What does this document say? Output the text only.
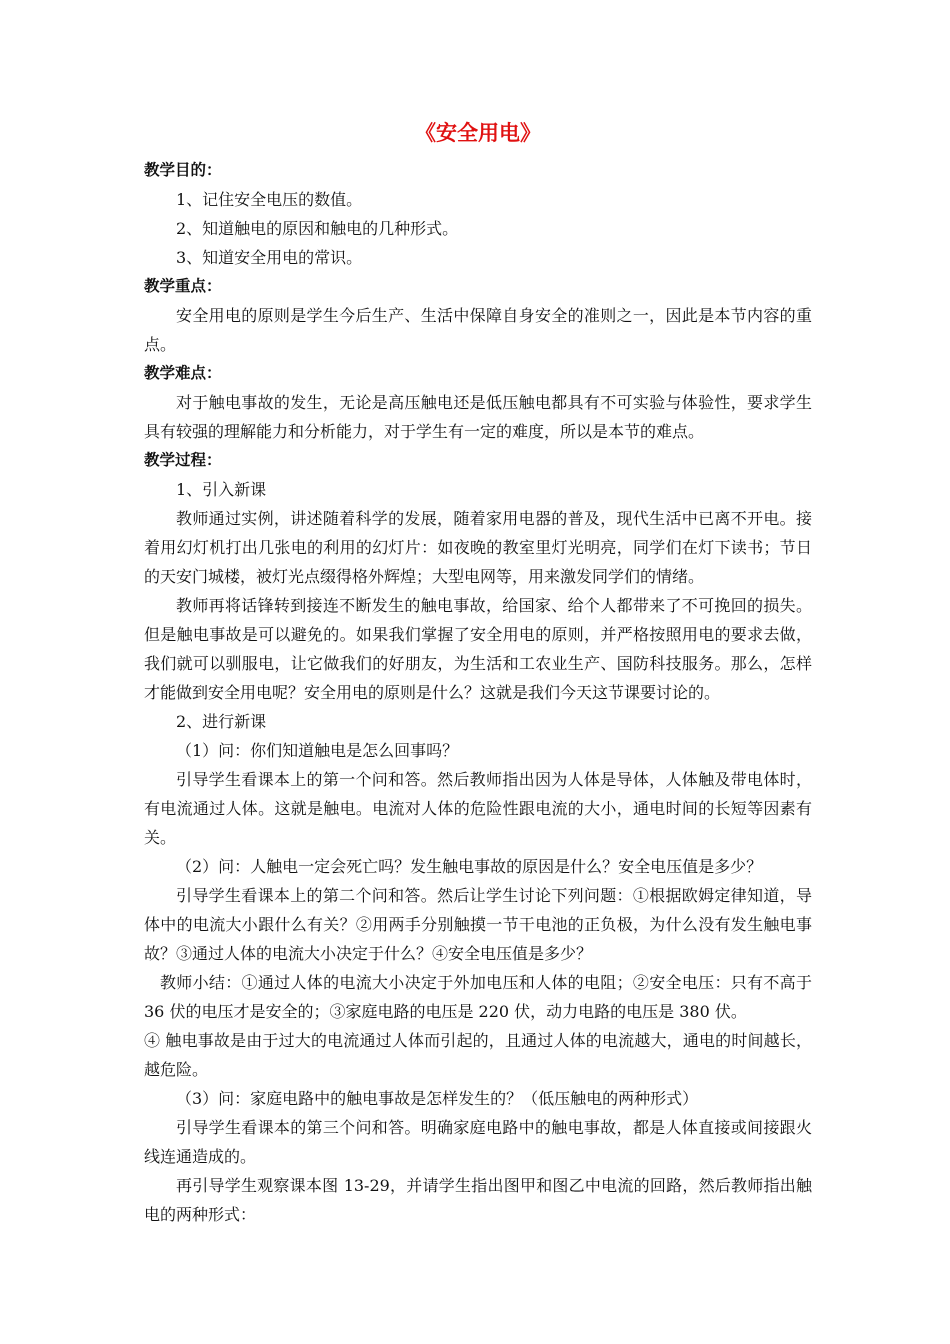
《安全用电》

教学目的：

1、记住安全电压的数值。

2、知道触电的原因和触电的几种形式。

3、知道安全用电的常识。

教学重点：

安全用电的原则是学生今后生产、生活中保障自身安全的准则之一，因此是本节内容的重点。

教学难点：

对于触电事故的发生，无论是高压触电还是低压触电都具有不可实验与体验性，要求学生具有较强的理解能力和分析能力，对于学生有一定的难度，所以是本节的难点。

教学过程：

1、引入新课

教师通过实例，讲述随着科学的发展，随着家用电器的普及，现代生活中已离不开电。接着用幻灯机打出几张电的利用的幻灯片：如夜晚的教室里灯光明亮，同学们在灯下读书；节日的天安门城楼，被灯光点缀得格外辉煌；大型电网等，用来激发同学们的情绪。

教师再将话锋转到接连不断发生的触电事故，给国家、给个人都带来了不可挽回的损失。但是触电事故是可以避免的。如果我们掌握了安全用电的原则，并严格按照用电的要求去做，我们就可以驯服电，让它做我们的好朋友，为生活和工农业生产、国防科技服务。那么，怎样才能做到安全用电呢？安全用电的原则是什么？这就是我们今天这节课要讨论的。

2、进行新课

（1）问：你们知道触电是怎么回事吗？

引导学生看课本上的第一个问和答。然后教师指出因为人体是导体，人体触及带电体时，有电流通过人体。这就是触电。电流对人体的危险性跟电流的大小，通电时间的长短等因素有关。

（2）问：人触电一定会死亡吗？发生触电事故的原因是什么？安全电压值是多少？

引导学生看课本上的第二个问和答。然后让学生讨论下列问题：①根据欧姆定律知道，导体中的电流大小跟什么有关？②用两手分别触摸一节干电池的正负极，为什么没有发生触电事故？③通过人体的电流大小决定于什么？④安全电压值是多少？

教师小结：①通过人体的电流大小决定于外加电压和人体的电阻；②安全电压：只有不高于 36 伏的电压才是安全的；③家庭电路的电压是 220 伏，动力电路的电压是 380 伏。

④ 触电事故是由于过大的电流通过人体而引起的，且通过人体的电流越大，通电的时间越长，越危险。

（3）问：家庭电路中的触电事故是怎样发生的？（低压触电的两种形式）

引导学生看课本的第三个问和答。明确家庭电路中的触电事故，都是人体直接或间接跟火线连通造成的。

再引导学生观察课本图 13-29，并请学生指出图甲和图乙中电流的回路，然后教师指出触电的两种形式：
